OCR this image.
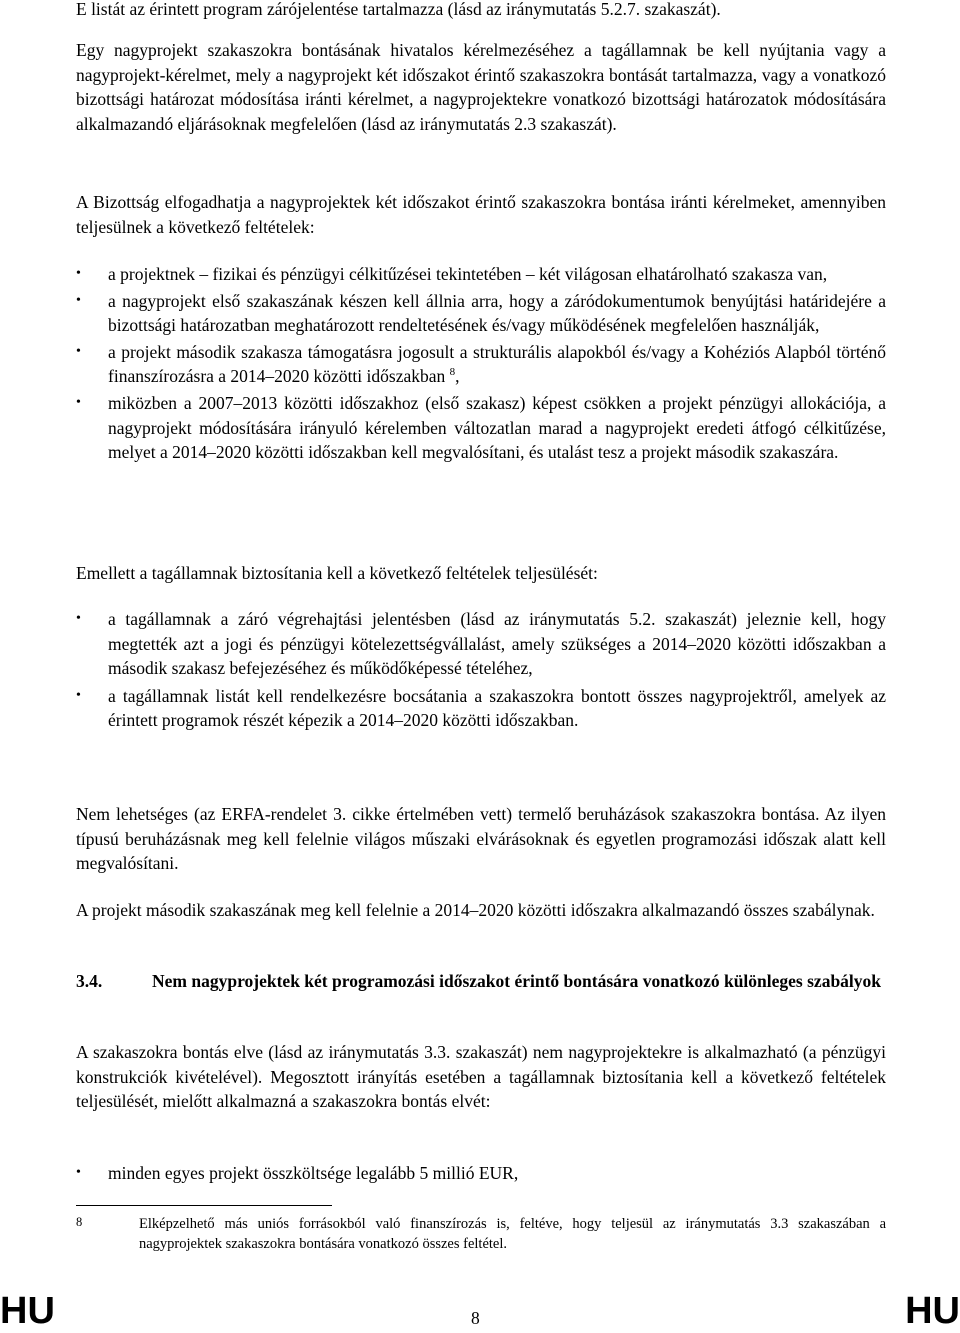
E listát az érintett program zárójelentése tartalmazza (lásd az iránymutatás 5.2.7. szakaszát).

Egy nagyprojekt szakaszokra bontásának hivatalos kérelmezéséhez a tagállamnak be kell nyújtania vagy a nagyprojekt-kérelmet, mely a nagyprojekt két időszakot érintő szakaszokra bontását tartalmazza, vagy a vonatkozó bizottsági határozat módosítása iránti kérelmet, a nagyprojektekre vonatkozó bizottsági határozatok módosítására alkalmazandó eljárásoknak megfelelően (lásd az iránymutatás 2.3 szakaszát).

A Bizottság elfogadhatja a nagyprojektek két időszakot érintő szakaszokra bontása iránti kérelmeket, amennyiben teljesülnek a következő feltételek:

• a projektnek – fizikai és pénzügyi célkitűzései tekintetében – két világosan elhatárolható szakasza van,
• a nagyprojekt első szakaszának készen kell állnia arra, hogy a záródokumentumok benyújtási határidejére a bizottsági határozatban meghatározott rendeltetésének és/vagy működésének megfelelően használják,
• a projekt második szakasza támogatásra jogosult a strukturális alapokból és/vagy a Kohéziós Alapból történő finanszírozásra a 2014–2020 közötti időszakban $^8$,
• miközben a 2007–2013 közötti időszakhoz (első szakasz) képest csökken a projekt pénzügyi allokációja, a nagyprojekt módosítására irányuló kérelemben változatlan marad a nagyprojekt eredeti átfogó célkitűzése, melyet a 2014–2020 közötti időszakban kell megvalósítani, és utalást tesz a projekt második szakaszára.

Emellett a tagállamnak biztosítania kell a következő feltételek teljesülését:

• a tagállamnak a záró végrehajtási jelentésben (lásd az iránymutatás 5.2. szakaszát) jeleznie kell, hogy megtették azt a jogi és pénzügyi kötelezettségvállalást, amely szükséges a 2014–2020 közötti időszakban a második szakasz befejezéséhez és működőképessé tételéhez,
• a tagállamnak listát kell rendelkezésre bocsátania a szakaszokra bontott összes nagyprojektről, amelyek az érintett programok részét képezik a 2014–2020 közötti időszakban.

Nem lehetséges (az ERFA-rendelet 3. cikke értelmében vett) termelő beruházások szakaszokra bontása. Az ilyen típusú beruházásnak meg kell felelnie világos műszaki elvárásoknak és egyetlen programozási időszak alatt kell megvalósítani.

A projekt második szakaszának meg kell felelnie a 2014–2020 közötti időszakra alkalmazandó összes szabálynak.

3.4.	Nem nagyprojektek két programozási időszakot érintő bontására vonatkozó különleges szabályok

A szakaszokra bontás elve (lásd az iránymutatás 3.3. szakaszát) nem nagyprojektekre is alkalmazható (a pénzügyi konstrukciók kivételével). Megosztott irányítás esetében a tagállamnak biztosítania kell a következő feltételek teljesülését, mielőtt alkalmazná a szakaszokra bontás elvét:

• minden egyes projekt összköltsége legalább 5 millió EUR,
8	Elképzelhető más uniós forrásokból való finanszírozás is, feltéve, hogy teljesül az iránymutatás 3.3 szakaszában a nagyprojektek szakaszokra bontására vonatkozó összes feltétel.
HU	8	HU
